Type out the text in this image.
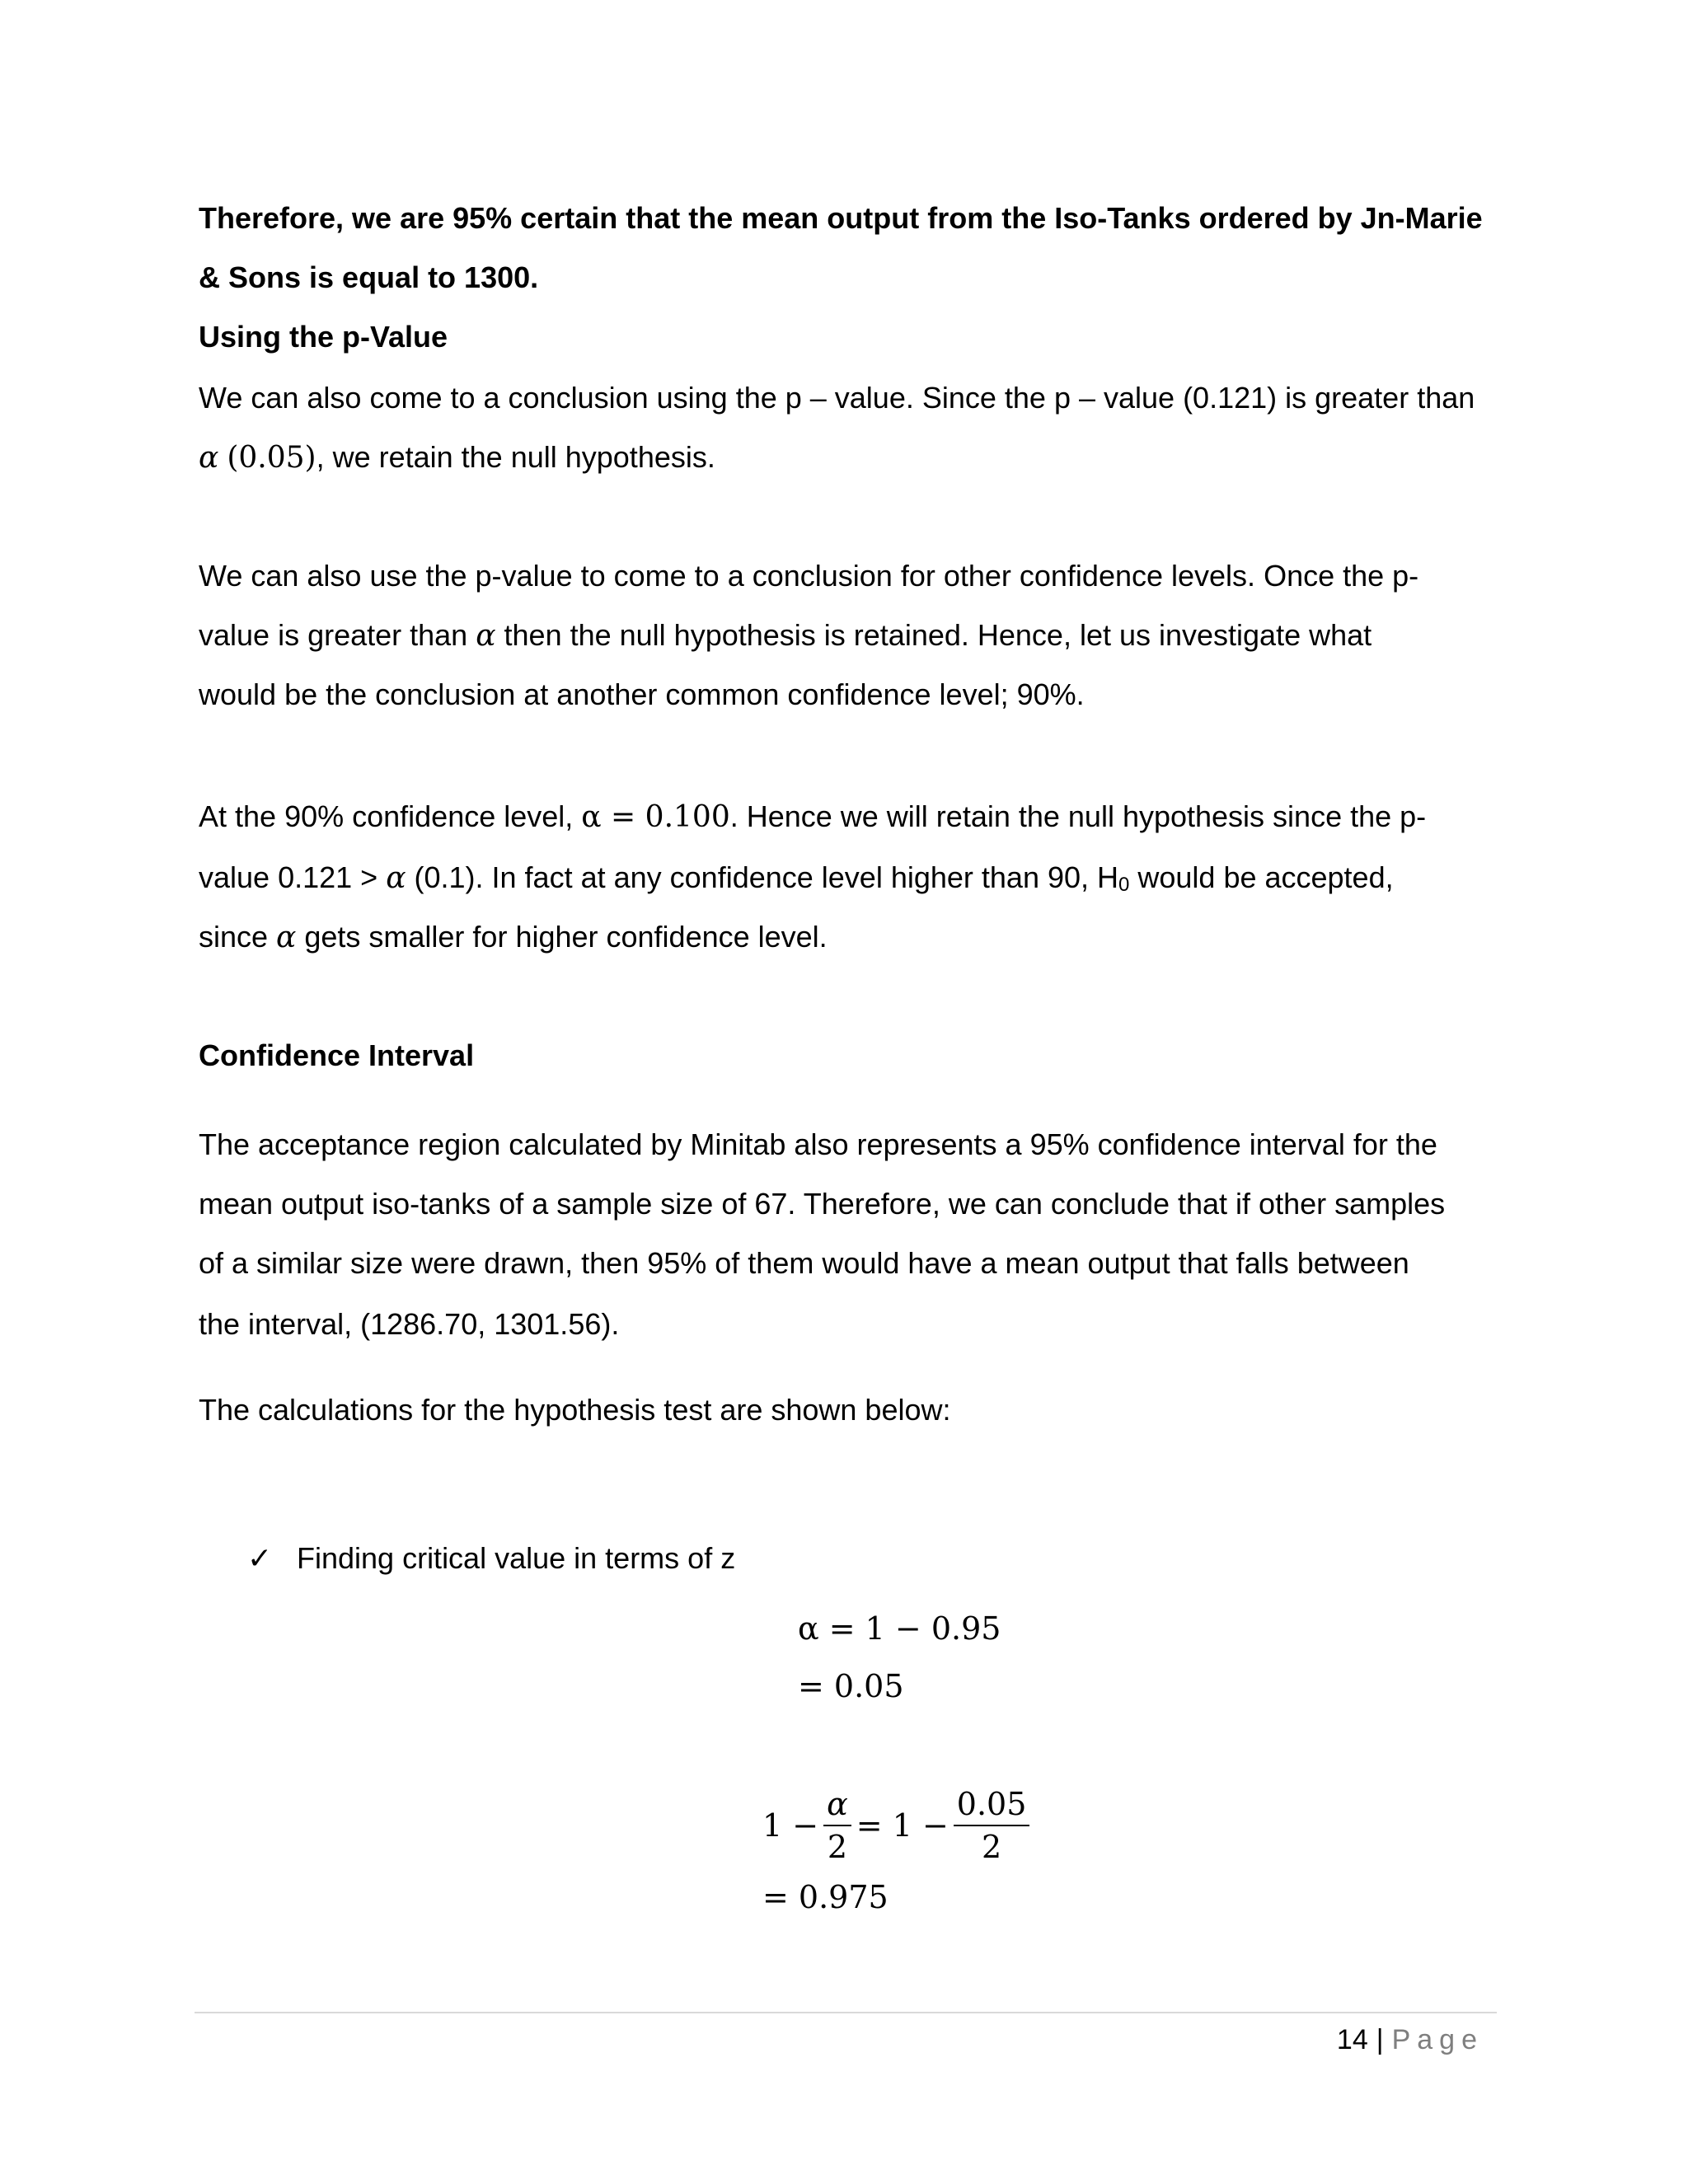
Therefore, we are 95% certain that the mean output from the Iso-Tanks ordered by Jn-Marie
& Sons is equal to 1300.
Using the p-Value
We can also come to a conclusion using the p – value. Since the p – value (0.121) is greater than
α (0.05), we retain the null hypothesis.
We can also use the p-value to come to a conclusion for other confidence levels. Once the p-
value is greater than α then the null hypothesis is retained. Hence, let us investigate what
would be the conclusion at another common confidence level; 90%.
At the 90% confidence level, α = 0.100. Hence we will retain the null hypothesis since the p-
value 0.121 > α (0.1). In fact at any confidence level higher than 90, H0 would be accepted,
since α gets smaller for higher confidence level.
Confidence Interval
The acceptance region calculated by Minitab also represents a 95% confidence interval for the
mean output iso-tanks of a sample size of 67. Therefore, we can conclude that if other samples
of a similar size were drawn, then 95% of them would have a mean output that falls between
the interval, (1286.70, 1301.56).
The calculations for the hypothesis test are shown below:
✓ Finding critical value in terms of z
α = 1 − 0.95
= 0.05
$1 - \frac{\alpha}{2} = 1 - \frac{0.05}{2}$
= 0.975
14 | Page
